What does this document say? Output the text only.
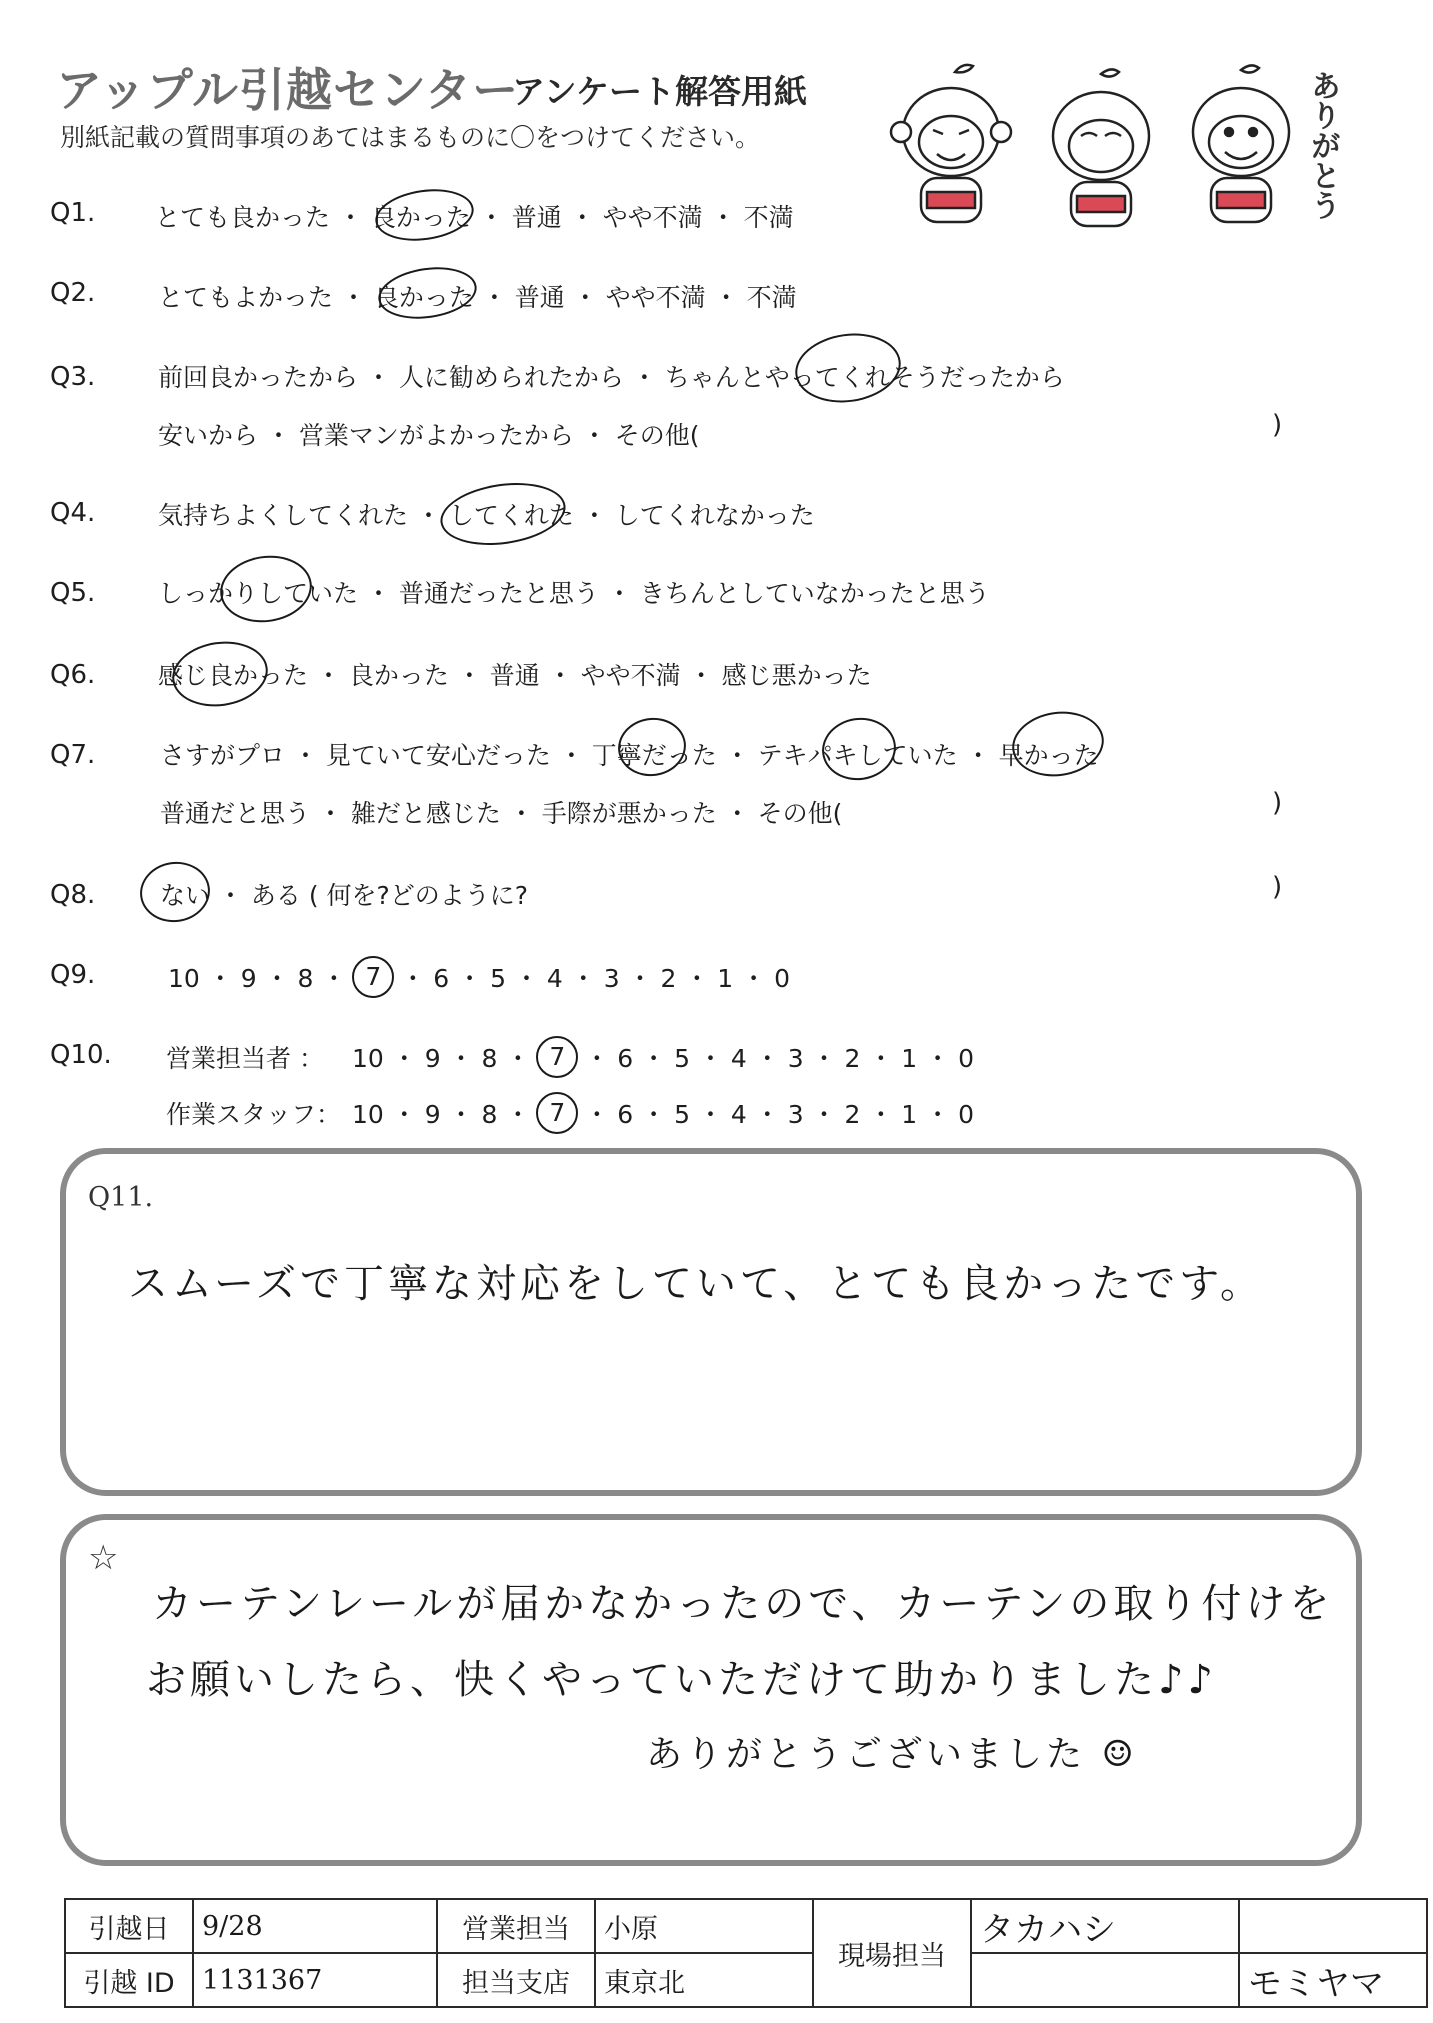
アップル引越センター
アンケート解答用紙
別紙記載の質問事項のあてはまるものに〇をつけてください。	ありがとう
Q1. とても良かった ・ 良かった ・ 普通 ・ やや不満 ・ 不満
Q2.	とてもよかった ・ 良かった ・ 普通 ・ やや不満 ・ 不満
Q3.	前回良かったから ・ 人に勧められたから ・ ちゃんとやってくれそうだったから
安いから ・ 営業マンがよかったから ・ その他(	)
Q4.	気持ちよくしてくれた ・ してくれた ・ してくれなかった
Q5.	しっかりしていた ・ 普通だったと思う ・ きちんとしていなかったと思う
Q6.	感じ良かった ・ 良かった ・ 普通 ・ やや不満 ・ 感じ悪かった
Q7.	さすがプロ ・ 見ていて安心だった ・ 丁寧だった ・ テキパキしていた ・ 早かった
普通だと思う ・ 雑だと感じた ・ 手際が悪かった ・ その他(	)
Q8.	ない ・ ある ( 何を?どのように?	)
Q9.	10 ・ 9 ・ 8 ・ 7 ・ 6 ・ 5 ・ 4 ・ 3 ・ 2 ・ 1 ・ 0
Q10. 営業担当者 ：	10 ・ 9 ・ 8 ・ 7 ・ 6 ・ 5 ・ 4 ・ 3 ・ 2 ・ 1 ・ 0
作業スタッフ： 10 ・ 9 ・ 8 ・ 7 ・ 6 ・ 5 ・ 4 ・ 3 ・ 2 ・ 1 ・ 0
Q11.
スムーズで丁寧な対応をしていて、とても良かったです。
☆
カーテンレールが届かなかったので、カーテンの取り付けを
お願いしたら、快くやっていただけて助かりました♪♪
ありがとうございました ☺
引越日	9/28	営業担当	小原	現場担当	タカハシ	
引越 ID	1131367	担当支店	東京北			モミヤマ
